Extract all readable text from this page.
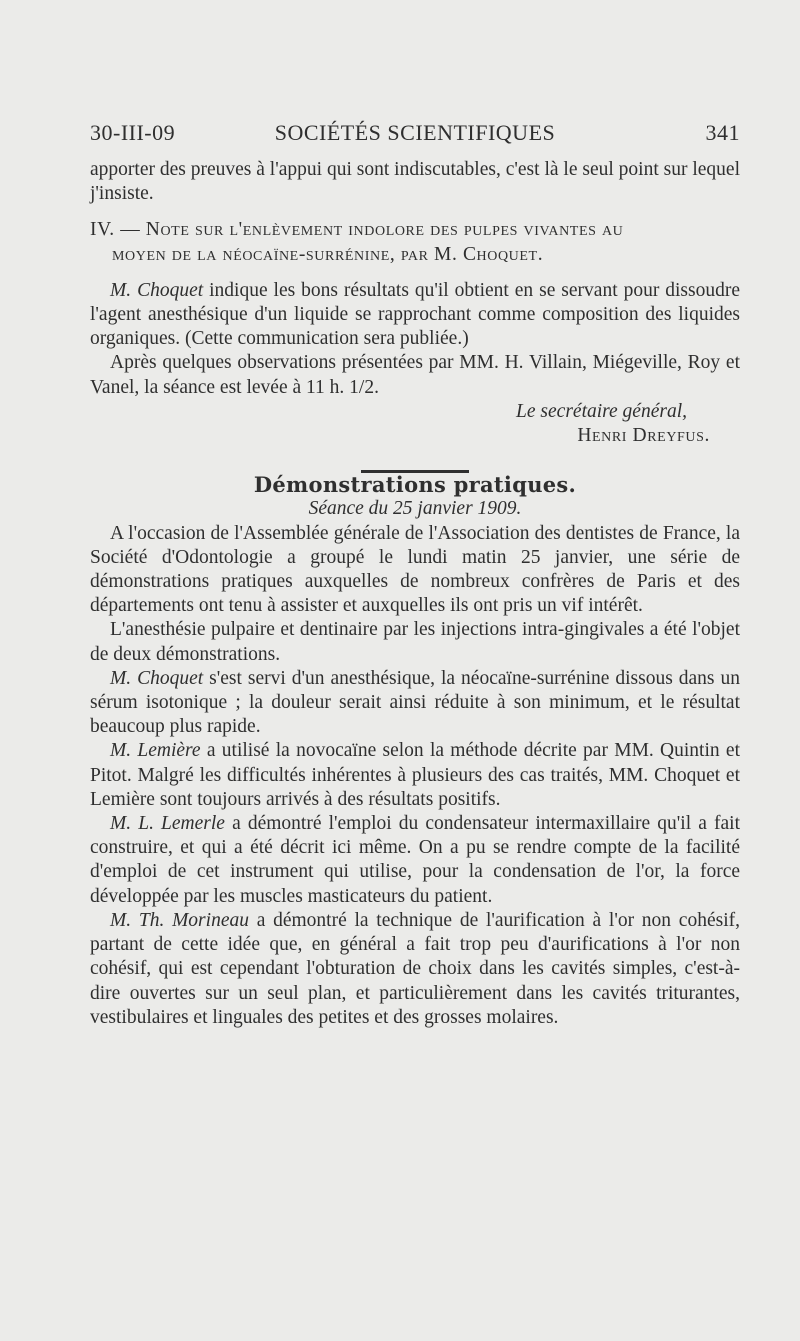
30-III-09	SOCIÉTÉS SCIENTIFIQUES	341

apporter des preuves à l'appui qui sont indiscutables, c'est là le seul point sur lequel j'insiste.

IV. — Note sur l'enlèvement indolore des pulpes vivantes au

moyen de la néocaïne-surrénine, par M. Choquet.

M. Choquet indique les bons résultats qu'il obtient en se servant pour dissoudre l'agent anesthésique d'un liquide se rapprochant comme composition des liquides organiques. (Cette communication sera publiée.)

Après quelques observations présentées par MM. H. Villain, Miégeville, Roy et Vanel, la séance est levée à 11 h. 1/2.

Le secrétaire général,

Henri Dreyfus.

Démonstrations pratiques.

Séance du 25 janvier 1909.

A l'occasion de l'Assemblée générale de l'Association des dentistes de France, la Société d'Odontologie a groupé le lundi matin 25 janvier, une série de démonstrations pratiques auxquelles de nombreux confrères de Paris et des départements ont tenu à assister et auxquelles ils ont pris un vif intérêt.

L'anesthésie pulpaire et dentinaire par les injections intra-gingivales a été l'objet de deux démonstrations.

M. Choquet s'est servi d'un anesthésique, la néocaïne-surrénine dissous dans un sérum isotonique ; la douleur serait ainsi réduite à son minimum, et le résultat beaucoup plus rapide.

M. Lemière a utilisé la novocaïne selon la méthode décrite par MM. Quintin et Pitot. Malgré les difficultés inhérentes à plusieurs des cas traités, MM. Choquet et Lemière sont toujours arrivés à des résultats positifs.

M. L. Lemerle a démontré l'emploi du condensateur intermaxillaire qu'il a fait construire, et qui a été décrit ici même. On a pu se rendre compte de la facilité d'emploi de cet instrument qui utilise, pour la condensation de l'or, la force développée par les muscles masticateurs du patient.

M. Th. Morineau a démontré la technique de l'aurification à l'or non cohésif, partant de cette idée que, en général a fait trop peu d'aurifications à l'or non cohésif, qui est cependant l'obturation de choix dans les cavités simples, c'est-à-dire ouvertes sur un seul plan, et particulièrement dans les cavités triturantes, vestibulaires et linguales des petites et des grosses molaires.
